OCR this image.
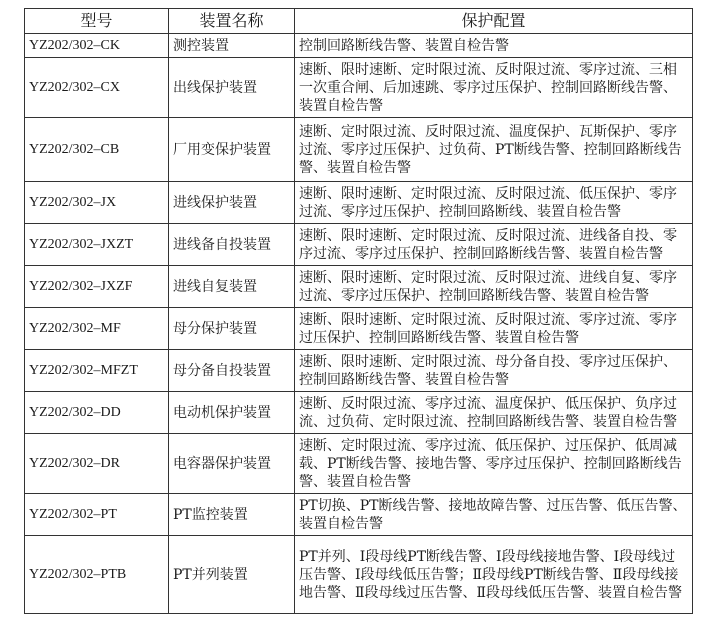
型号	装置名称	保护配置
YZ202/302–CK	测控装置	控制回路断线告警、装置自检告警
YZ202/302–CX	出线保护装置	速断、限时速断、定时限过流、反时限过流、零序过流、三相一次重合闸、后加速跳、零序过压保护、控制回路断线告警、装置自检告警
YZ202/302–CB	厂用变保护装置	速断、定时限过流、反时限过流、温度保护、瓦斯保护、零序过流、零序过压保护、过负荷、PT断线告警、控制回路断线告警、装置自检告警
YZ202/302–JX	进线保护装置	速断、限时速断、定时限过流、反时限过流、低压保护、零序过流、零序过压保护、控制回路断线、装置自检告警
YZ202/302–JXZT	进线备自投装置	速断、限时速断、定时限过流、反时限过流、进线备自投、零序过流、零序过压保护、控制回路断线告警、装置自检告警
YZ202/302–JXZF	进线自复装置	速断、限时速断、定时限过流、反时限过流、进线自复、零序过流、零序过压保护、控制回路断线告警、装置自检告警
YZ202/302–MF	母分保护装置	速断、限时速断、定时限过流、反时限过流、零序过流、零序过压保护、控制回路断线告警、装置自检告警
YZ202/302–MFZT	母分备自投装置	速断、限时速断、定时限过流、母分备自投、零序过压保护、控制回路断线告警、装置自检告警
YZ202/302–DD	电动机保护装置	速断、反时限过流、零序过流、温度保护、低压保护、负序过流、过负荷、定时限过流、控制回路断线告警、装置自检告警
YZ202/302–DR	电容器保护装置	速断、定时限过流、零序过流、低压保护、过压保护、低周减载、PT断线告警、接地告警、零序过压保护、控制回路断线告警、装置自检告警
YZ202/302–PT	PT监控装置	PT切换、PT断线告警、接地故障告警、过压告警、低压告警、装置自检告警
YZ202/302–PTB	PT并列装置	PT并列、Ⅰ段母线PT断线告警、Ⅰ段母线接地告警、Ⅰ段母线过压告警、Ⅰ段母线低压告警；Ⅱ段母线PT断线告警、Ⅱ段母线接地告警、Ⅱ段母线过压告警、Ⅱ段母线低压告警、装置自检告警
